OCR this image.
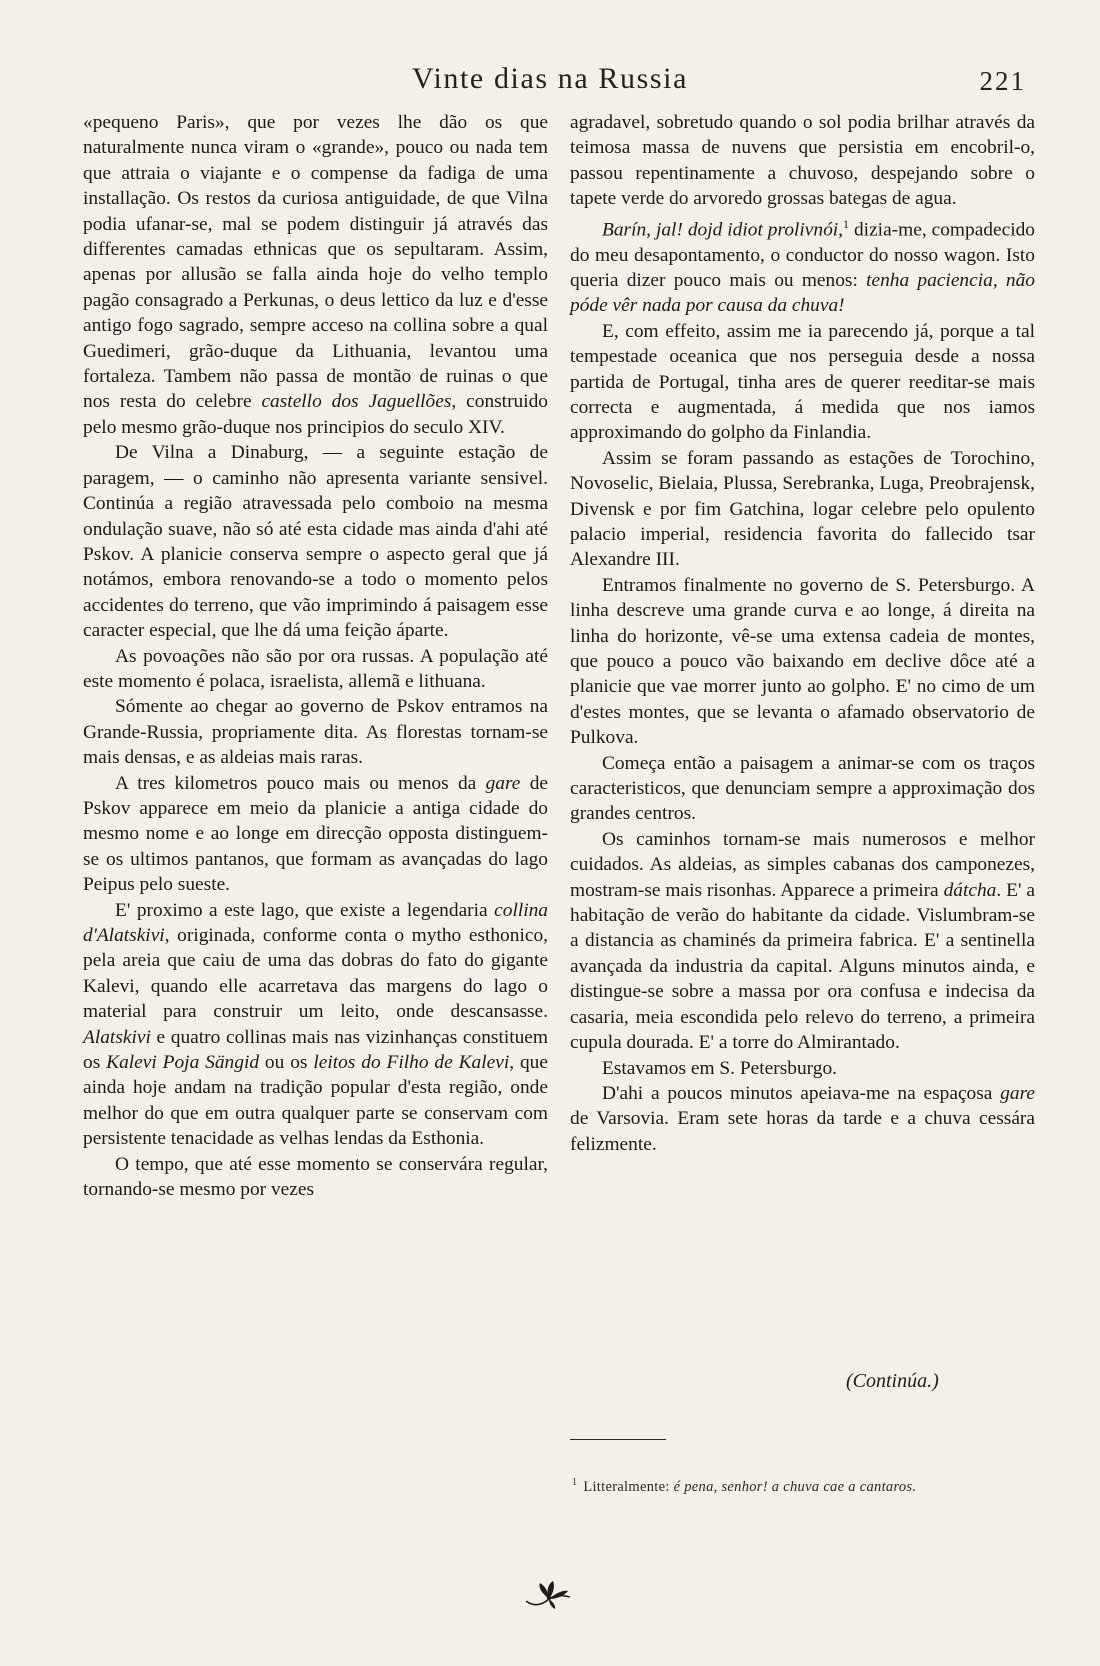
Vinte dias na Russia	221

«pequeno Paris», que por vezes lhe dão os que naturalmente nunca viram o «grande», pouco ou nada tem que attraia o viajante e o compense da fadiga de uma installação. Os restos da curiosa antiguidade, de que Vilna podia ufanar-se, mal se podem distinguir já através das differentes camadas ethnicas que os sepultaram. Assim, apenas por allusão se falla ainda hoje do velho templo pagão consagrado a Perkunas, o deus lettico da luz e d'esse antigo fogo sagrado, sempre acceso na collina sobre a qual Guedimeri, grão-duque da Lithuania, levantou uma fortaleza. Tambem não passa de montão de ruinas o que nos resta do celebre castello dos Jaguellões, construido pelo mesmo grão-duque nos principios do seculo XIV.

De Vilna a Dinaburg, — a seguinte estação de paragem, — o caminho não apresenta variante sensivel. Continúa a região atravessada pelo comboio na mesma ondulação suave, não só até esta cidade mas ainda d'ahi até Pskov. A planicie conserva sempre o aspecto geral que já notámos, embora renovando-se a todo o momento pelos accidentes do terreno, que vão imprimindo á paisagem esse caracter especial, que lhe dá uma feição áparte.

As povoações não são por ora russas. A população até este momento é polaca, israelista, allemã e lithuana.

Sómente ao chegar ao governo de Pskov entramos na Grande-Russia, propriamente dita. As florestas tornam-se mais densas, e as aldeias mais raras.

A tres kilometros pouco mais ou menos da gare de Pskov apparece em meio da planicie a antiga cidade do mesmo nome e ao longe em direcção opposta distinguem-se os ultimos pantanos, que formam as avançadas do lago Peipus pelo sueste.

E' proximo a este lago, que existe a legendaria collina d'Alatskivi, originada, conforme conta o mytho esthonico, pela areia que caiu de uma das dobras do fato do gigante Kalevi, quando elle acarretava das margens do lago o material para construir um leito, onde descansasse. Alatskivi e quatro collinas mais nas vizinhanças constituem os Kalevi Poja Sängid ou os leitos do Filho de Kalevi, que ainda hoje andam na tradição popular d'esta região, onde melhor do que em outra qualquer parte se conservam com persistente tenacidade as velhas lendas da Esthonia.

O tempo, que até esse momento se conservára regular, tornando-se mesmo por vezes

agradavel, sobretudo quando o sol podia brilhar através da teimosa massa de nuvens que persistia em encobril-o, passou repentinamente a chuvoso, despejando sobre o tapete verde do arvoredo grossas bategas de agua.

Barín, jal! dojd idiot prolivnói,$^1$ dizia-me, compadecido do meu desapontamento, o conductor do nosso wagon. Isto queria dizer pouco mais ou menos: tenha paciencia, não póde vêr nada por causa da chuva!

E, com effeito, assim me ia parecendo já, porque a tal tempestade oceanica que nos perseguia desde a nossa partida de Portugal, tinha ares de querer reeditar-se mais correcta e augmentada, á medida que nos iamos approximando do golpho da Finlandia.

Assim se foram passando as estações de Torochino, Novoselic, Bielaia, Plussa, Serebranka, Luga, Preobrajensk, Divensk e por fim Gatchina, logar celebre pelo opulento palacio imperial, residencia favorita do fallecido tsar Alexandre III.

Entramos finalmente no governo de S. Petersburgo. A linha descreve uma grande curva e ao longe, á direita na linha do horizonte, vê-se uma extensa cadeia de montes, que pouco a pouco vão baixando em declive dôce até a planicie que vae morrer junto ao golpho. E' no cimo de um d'estes montes, que se levanta o afamado observatorio de Pulkova.

Começa então a paisagem a animar-se com os traços caracteristicos, que denunciam sempre a approximação dos grandes centros.

Os caminhos tornam-se mais numerosos e melhor cuidados. As aldeias, as simples cabanas dos camponezes, mostram-se mais risonhas. Apparece a primeira dátcha. E' a habitação de verão do habitante da cidade. Vislumbram-se a distancia as chaminés da primeira fabrica. E' a sentinella avançada da industria da capital. Alguns minutos ainda, e distingue-se sobre a massa por ora confusa e indecisa da casaria, meia escondida pelo relevo do terreno, a primeira cupula dourada. E' a torre do Almirantado.

Estavamos em S. Petersburgo.

D'ahi a poucos minutos apeiava-me na espaçosa gare de Varsovia. Eram sete horas da tarde e a chuva cessára felizmente.

(Continúa.)
$^1$ Litteralmente: é pena, senhor! a chuva cae a cantaros.
